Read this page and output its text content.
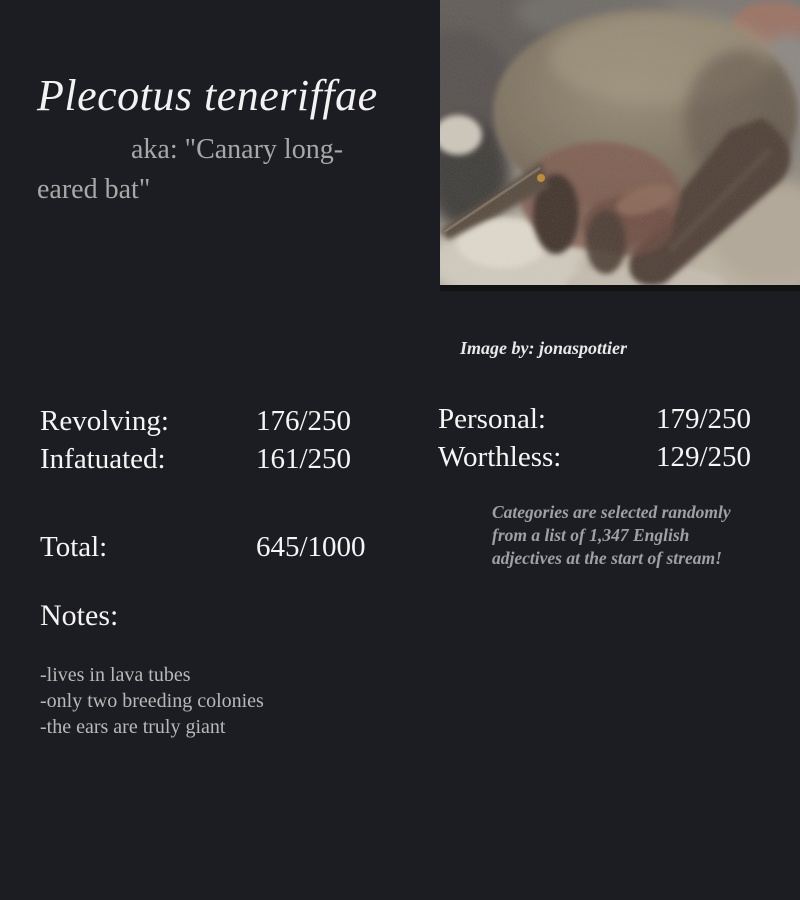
Plecotus teneriffae
aka: "Canary long-eared bat"
Image by: jonaspottier
Revolving:	176/250
Infatuated:	161/250
Personal:	179/250
Worthless:	129/250
Total:	645/1000
Categories are selected randomly from a list of 1,347 English adjectives at the start of stream!
Notes:
-lives in lava tubes
-only two breeding colonies
-the ears are truly giant
